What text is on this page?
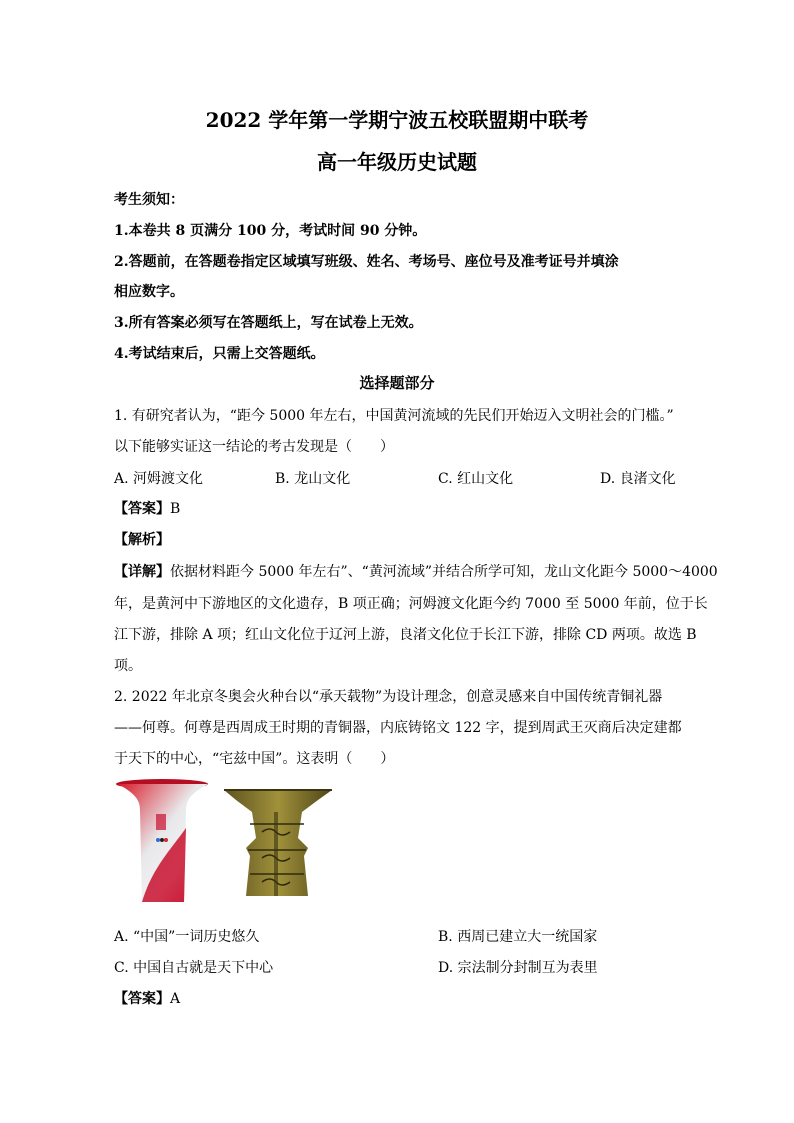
2022 学年第一学期宁波五校联盟期中联考
高一年级历史试题
考生须知：
1.本卷共 8 页满分 100 分，考试时间 90 分钟。
2.答题前，在答题卷指定区域填写班级、姓名、考场号、座位号及准考证号并填涂
相应数字。
3.所有答案必须写在答题纸上，写在试卷上无效。
4.考试结束后，只需上交答题纸。
选择题部分
1. 有研究者认为，“距今 5000 年左右，中国黄河流域的先民们开始迈入文明社会的门槛。”
以下能够实证这一结论的考古发现是（　　）
A. 河姆渡文化	B. 龙山文化	C. 红山文化	D. 良渚文化
【答案】B
【解析】
【详解】依据材料距今 5000 年左右”、“黄河流域”并结合所学可知，龙山文化距今 5000～4000
年，是黄河中下游地区的文化遗存，B 项正确；河姆渡文化距今约 7000 至 5000 年前，位于长
江下游，排除 A 项；红山文化位于辽河上游，良渚文化位于长江下游，排除 CD 两项。故选 B
项。
2. 2022 年北京冬奥会火种台以“承天载物”为设计理念，创意灵感来自中国传统青铜礼器
——何尊。何尊是西周成王时期的青铜器，内底铸铭文 122 字，提到周武王灭商后决定建都
于天下的中心，“宅兹中国”。这表明（　　）
A. “中国”一词历史悠久	B. 西周已建立大一统国家
C. 中国自古就是天下中心	D. 宗法制分封制互为表里
【答案】A
